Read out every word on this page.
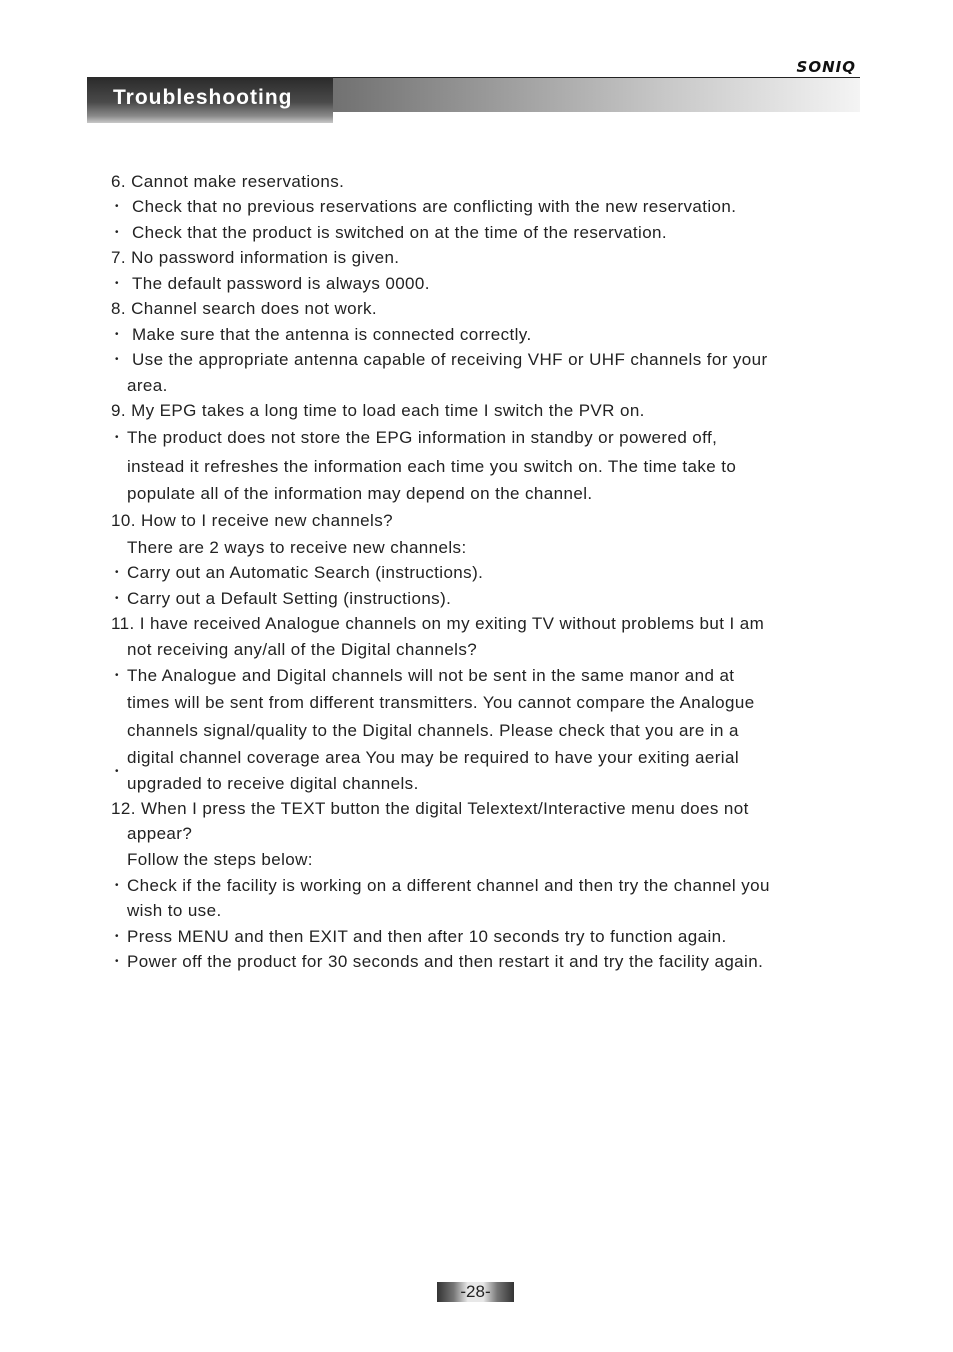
SONIQ
Troubleshooting
6. Cannot make reservations.
• Check that no previous reservations are conflicting with the new reservation.
• Check that the product is switched on at the time of the reservation.
7. No password information is given.
• The default password is always 0000.
8. Channel search does not work.
• Make sure that the antenna is connected correctly.
• Use the appropriate antenna capable of receiving VHF or UHF channels for your
area.
9. My EPG takes a long time to load each time I switch the PVR on.
• The product does not store the EPG information in standby or powered off,
instead it refreshes the information each time you switch on. The time take to
populate all of the information may depend on the channel.
10. How to I receive new channels?
There are 2 ways to receive new channels:
• Carry out an Automatic Search (instructions).
• Carry out a Default Setting (instructions).
11. I have received Analogue channels on my exiting TV without problems but I am
not receiving any/all of the Digital channels?
• The Analogue and Digital channels will not be sent in the same manor and at
times will be sent from different transmitters. You cannot compare the Analogue
channels signal/quality to the Digital channels. Please check that you are in a
digital channel coverage area You may be required to have your exiting aerial
•
upgraded to receive digital channels.
12. When I press the TEXT button the digital Telextext/Interactive menu does not
appear?
Follow the steps below:
• Check if the facility is working on a different channel and then try the channel you
wish to use.
• Press MENU and then EXIT and then after 10 seconds try to function again.
• Power off the product for 30 seconds and then restart it and try the facility again.
-28-
